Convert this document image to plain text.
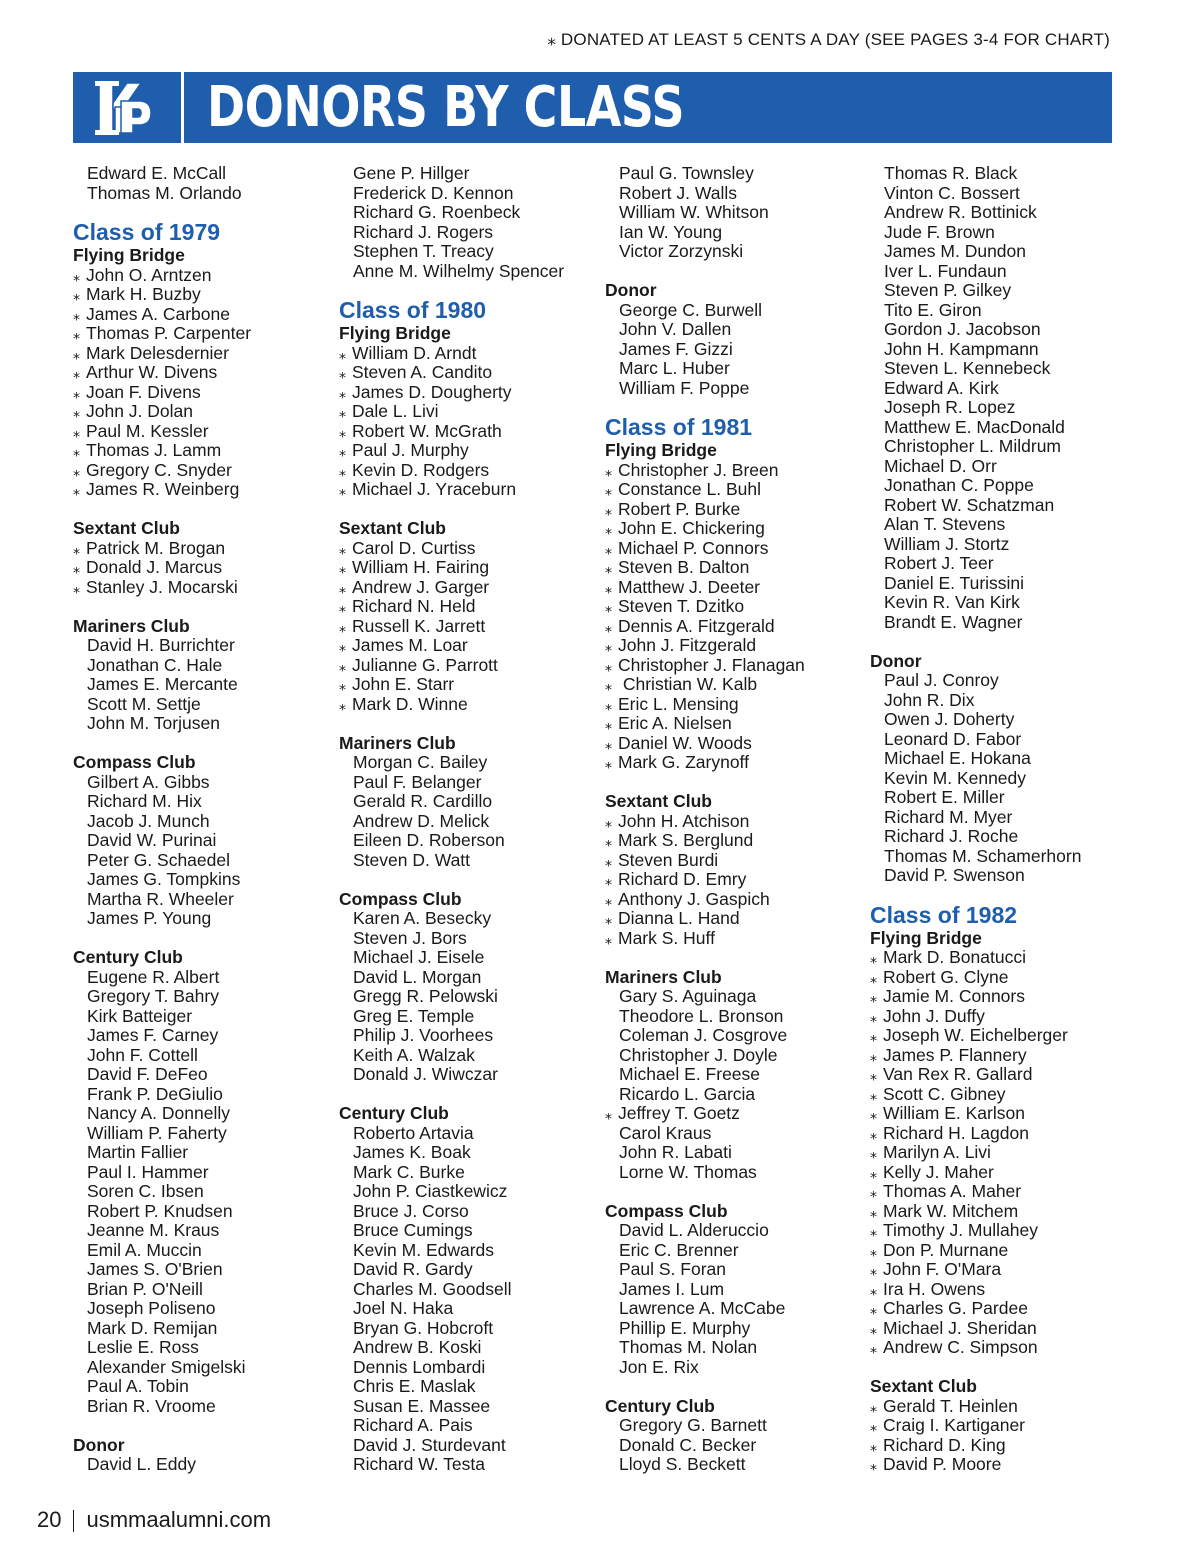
⁎ DONATED AT LEAST 5 CENTS A DAY (SEE PAGES 3-4 FOR CHART)
DONORS BY CLASS
Edward E. McCall
Thomas M. Orlando
Class of 1979
Flying Bridge
⁎ John O. Arntzen
⁎ Mark H. Buzby
⁎ James A. Carbone
⁎ Thomas P. Carpenter
⁎ Mark Delesdernier
⁎ Arthur W. Divens
⁎ Joan F. Divens
⁎ John J. Dolan
⁎ Paul M. Kessler
⁎ Thomas J. Lamm
⁎ Gregory C. Snyder
⁎ James R. Weinberg
Sextant Club
⁎ Patrick M. Brogan
⁎ Donald J. Marcus
⁎ Stanley J. Mocarski
Mariners Club
David H. Burrichter
Jonathan C. Hale
James E. Mercante
Scott M. Settje
John M. Torjusen
Compass Club
Gilbert A. Gibbs
Richard M. Hix
Jacob J. Munch
David W. Purinai
Peter G. Schaedel
James G. Tompkins
Martha R. Wheeler
James P. Young
Century Club
Eugene R. Albert
Gregory T. Bahry
Kirk Batteiger
James F. Carney
John F. Cottell
David F. DeFeo
Frank P. DeGiulio
Nancy A. Donnelly
William P. Faherty
Martin Fallier
Paul I. Hammer
Soren C. Ibsen
Robert P. Knudsen
Jeanne M. Kraus
Emil A. Muccin
James S. O'Brien
Brian P. O'Neill
Joseph Poliseno
Mark D. Remijan
Leslie E. Ross
Alexander Smigelski
Paul A. Tobin
Brian R. Vroome
Donor
David L. Eddy
Gene P. Hillger
Frederick D. Kennon
Richard G. Roenbeck
Richard J. Rogers
Stephen T. Treacy
Anne M. Wilhelmy Spencer
Class of 1980
Flying Bridge
⁎ William D. Arndt
⁎ Steven A. Candito
⁎ James D. Dougherty
⁎ Dale L. Livi
⁎ Robert W. McGrath
⁎ Paul J. Murphy
⁎ Kevin D. Rodgers
⁎ Michael J. Yraceburn
Sextant Club
⁎ Carol D. Curtiss
⁎ William H. Fairing
⁎ Andrew J. Garger
⁎ Richard N. Held
⁎ Russell K. Jarrett
⁎ James M. Loar
⁎ Julianne G. Parrott
⁎ John E. Starr
⁎ Mark D. Winne
Mariners Club
Morgan C. Bailey
Paul F. Belanger
Gerald R. Cardillo
Andrew D. Melick
Eileen D. Roberson
Steven D. Watt
Compass Club
Karen A. Besecky
Steven J. Bors
Michael J. Eisele
David L. Morgan
Gregg R. Pelowski
Greg E. Temple
Philip J. Voorhees
Keith A. Walzak
Donald J. Wiwczar
Century Club
Roberto Artavia
James K. Boak
Mark C. Burke
John P. Ciastkewicz
Bruce J. Corso
Bruce Cumings
Kevin M. Edwards
David R. Gardy
Charles M. Goodsell
Joel N. Haka
Bryan G. Hobcroft
Andrew B. Koski
Dennis Lombardi
Chris E. Maslak
Susan E. Massee
Richard A. Pais
David J. Sturdevant
Richard W. Testa
Paul G. Townsley
Robert J. Walls
William W. Whitson
Ian W. Young
Victor Zorzynski
Donor
George C. Burwell
John V. Dallen
James F. Gizzi
Marc L. Huber
William F. Poppe
Class of 1981
Flying Bridge
⁎ Christopher J. Breen
⁎ Constance L. Buhl
⁎ Robert P. Burke
⁎ John E. Chickering
⁎ Michael P. Connors
⁎ Steven B. Dalton
⁎ Matthew J. Deeter
⁎ Steven T. Dzitko
⁎ Dennis A. Fitzgerald
⁎ John J. Fitzgerald
⁎ Christopher J. Flanagan
⁎ Christian W. Kalb
⁎ Eric L. Mensing
⁎ Eric A. Nielsen
⁎ Daniel W. Woods
⁎ Mark G. Zarynoff
Sextant Club
⁎ John H. Atchison
⁎ Mark S. Berglund
⁎ Steven Burdi
⁎ Richard D. Emry
⁎ Anthony J. Gaspich
⁎ Dianna L. Hand
⁎ Mark S. Huff
Mariners Club
Gary S. Aguinaga
Theodore L. Bronson
Coleman J. Cosgrove
Christopher J. Doyle
Michael E. Freese
Ricardo L. Garcia
⁎ Jeffrey T. Goetz
Carol Kraus
John R. Labati
Lorne W. Thomas
Compass Club
David L. Alderuccio
Eric C. Brenner
Paul S. Foran
James I. Lum
Lawrence A. McCabe
Phillip E. Murphy
Thomas M. Nolan
Jon E. Rix
Century Club
Gregory G. Barnett
Donald C. Becker
Lloyd S. Beckett
Thomas R. Black
Vinton C. Bossert
Andrew R. Bottinick
Jude F. Brown
James M. Dundon
Iver L. Fundaun
Steven P. Gilkey
Tito E. Giron
Gordon J. Jacobson
John H. Kampmann
Steven L. Kennebeck
Edward A. Kirk
Joseph R. Lopez
Matthew E. MacDonald
Christopher L. Mildrum
Michael D. Orr
Jonathan C. Poppe
Robert W. Schatzman
Alan T. Stevens
William J. Stortz
Robert J. Teer
Daniel E. Turissini
Kevin R. Van Kirk
Brandt E. Wagner
Donor
Paul J. Conroy
John R. Dix
Owen J. Doherty
Leonard D. Fabor
Michael E. Hokana
Kevin M. Kennedy
Robert E. Miller
Richard M. Myer
Richard J. Roche
Thomas M. Schamerhorn
David P. Swenson
Class of 1982
Flying Bridge
⁎ Mark D. Bonatucci
⁎ Robert G. Clyne
⁎ Jamie M. Connors
⁎ John J. Duffy
⁎ Joseph W. Eichelberger
⁎ James P. Flannery
⁎ Van Rex R. Gallard
⁎ Scott C. Gibney
⁎ William E. Karlson
⁎ Richard H. Lagdon
⁎ Marilyn A. Livi
⁎ Kelly J. Maher
⁎ Thomas A. Maher
⁎ Mark W. Mitchem
⁎ Timothy J. Mullahey
⁎ Don P. Murnane
⁎ John F. O'Mara
⁎ Ira H. Owens
⁎ Charles G. Pardee
⁎ Michael J. Sheridan
⁎ Andrew C. Simpson
Sextant Club
⁎ Gerald T. Heinlen
⁎ Craig I. Kartiganer
⁎ Richard D. King
⁎ David P. Moore
20 usmmaalumni.com
